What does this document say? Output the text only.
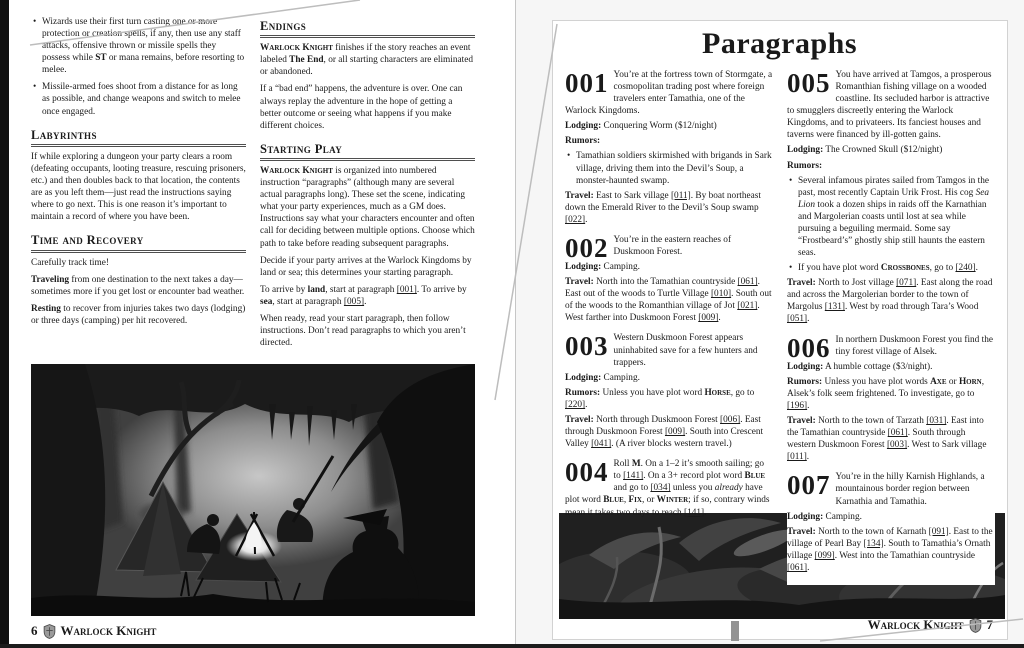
• Wizards use their first turn casting one or more protection or creation spells, if any, then use any staff attacks, offensive thrown or missile spells they possess while ST or mana remains, before resorting to melee.

• Missile-armed foes shoot from a distance for as long as possible, and change weapons and switch to melee once engaged.

Labyrinths

If while exploring a dungeon your party clears a room (defeating occupants, looting treasure, rescuing prisoners, etc.) and then doubles back to that location, the contents are as you left them—just read the instructions saying where to go next. This is one reason it’s important to maintain a record of where you have been.

Time and Recovery

Carefully track time!

Traveling from one destination to the next takes a day—sometimes more if you get lost or encounter bad weather.

Resting to recover from injuries takes two days (lodging) or three days (camping) per hit recovered.

Endings

Warlock Knight finishes if the story reaches an event labeled The End, or all starting characters are eliminated or abandoned.

If a “bad end” happens, the adventure is over. One can always replay the adventure in the hope of getting a better outcome or seeing what happens if you make different choices.

Starting Play

Warlock Knight is organized into numbered instruction “paragraphs” (although many are several actual paragraphs long). These set the scene, indicating what your party experiences, much as a GM does. Instructions say what your characters encounter and often call for deciding between multiple options. Choose which path to take before reading subsequent paragraphs.

Decide if your party arrives at the Warlock Kingdoms by land or sea; this determines your starting paragraph.

To arrive by land, start at paragraph [001]. To arrive by sea, start at paragraph [005].

When ready, read your start paragraph, then follow instructions. Don’t read paragraphs to which you aren’t directed.

6 Warlock Knight
Paragraphs
001 You’re at the fortress town of Stormgate, a cosmopolitan trading post where foreign travelers enter Tamathia, one of the Warlock Kingdoms.

Lodging: Conquering Worm ($12/night)

Rumors:

• Tamathian soldiers skirmished with brigands in Sark village, driving them into the Devil’s Soup, a monster-haunted swamp.

Travel: East to Sark village [011]. By boat northeast down the Emerald River to the Devil’s Soup swamp [022].

002 You’re in the eastern reaches of Duskmoon Forest.

Lodging: Camping.

Travel: North into the Tamathian countryside [061]. East out of the woods to Turtle Village [010]. South out of the woods to the Romanthian village of Jot [021]. West farther into Duskmoon Forest [009].

003 Western Duskmoon Forest appears uninhabited save for a few hunters and trappers.

Lodging: Camping.

Rumors: Unless you have plot word Horse, go to [220].

Travel: North through Duskmoon Forest [006]. East through Duskmoon Forest [009]. South into Crescent Valley [041]. (A river blocks western travel.)

004 Roll M. On a 1–2 it’s smooth sailing; go to [141]. On a 3+ record plot word Blue and go to [034] unless you already have plot word Blue, Fix, or Winter; if so, contrary winds mean it takes two days to reach [141].

005 You have arrived at Tamgos, a prosperous Romanthian fishing village on a wooded coastline. Its secluded harbor is attractive to smugglers discreetly entering the Warlock Kingdoms, and to privateers. Its fanciest houses and taverns were financed by ill-gotten gains.

Lodging: The Crowned Skull ($12/night)

Rumors:

• Several infamous pirates sailed from Tamgos in the past, most recently Captain Urik Frost. His cog Sea Lion took a dozen ships in raids off the Karnathian and Margolerian coasts until lost at sea while pursuing a beguiling mermaid. Some say “Frostbeard’s” ghostly ship still haunts the eastern seas.

• If you have plot word Crossbones, go to [240].

Travel: North to Jost village [071]. East along the road and across the Margolerian border to the town of Margolus [131]. West by road through Tara’s Wood [051].

006 In northern Duskmoon Forest you find the tiny forest village of Alsek.

Lodging: A humble cottage ($3/night).

Rumors: Unless you have plot words Axe or Horn, Alsek’s folk seem frightened. To investigate, go to [196].

Travel: North to the town of Tarzath [031]. East into the Tamathian countryside [061]. South through western Duskmoon Forest [003]. West to Sark village [011].

007 You’re in the hilly Karnish Highlands, a mountainous border region between Karnathia and Tamathia.

Lodging: Camping.

Travel: North to the town of Karnath [091]. East to the village of Pearl Bay [134]. South to Tamathia’s Ornath village [099]. West into the Tamathian countryside [061].

Warlock Knight 7
